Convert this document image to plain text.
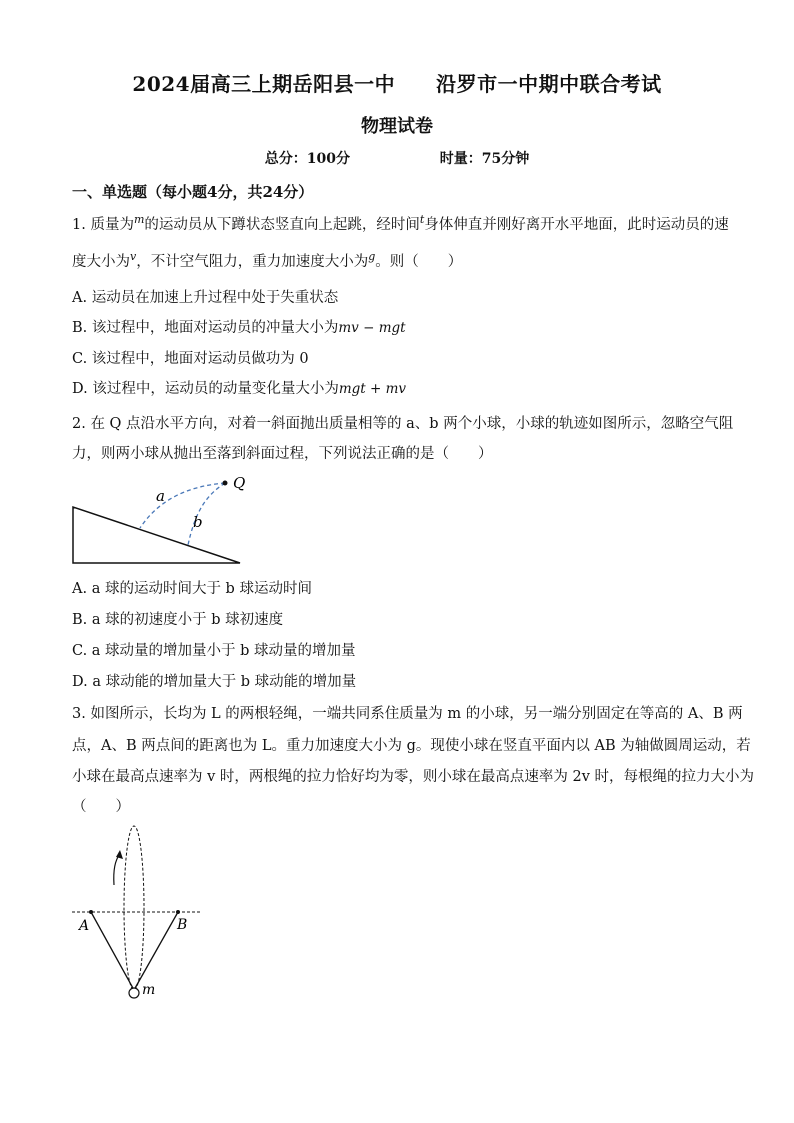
2024届高三上期岳阳县一中　　沿罗市一中期中联合考试
物理试卷
总分：100分	时量：75分钟
一、单选题（每小题4分，共24分）
1. 质量为$^m$的运动员从下蹲状态竖直向上起跳，经时间$^t$身体伸直并刚好离开水平地面，此时运动员的速
度大小为$^v$，不计空气阻力，重力加速度大小为$^g$。则（　　）
A. 运动员在加速上升过程中处于失重状态
B. 该过程中，地面对运动员的冲量大小为mv − mgt
C. 该过程中，地面对运动员做功为 0
D. 该过程中，运动员的动量变化量大小为mgt + mv
2. 在 Q 点沿水平方向，对着一斜面抛出质量相等的 a、b 两个小球，小球的轨迹如图所示，忽略空气阻
力，则两小球从抛出至落到斜面过程，下列说法正确的是（　　）
Q
a
b
A. a 球的运动时间大于 b 球运动时间
B. a 球的初速度小于 b 球初速度
C. a 球动量的增加量小于 b 球动量的增加量
D. a 球动能的增加量大于 b 球动能的增加量
3. 如图所示，长均为 L 的两根轻绳，一端共同系住质量为 m 的小球，另一端分别固定在等高的 A、B 两
点，A、B 两点间的距离也为 L。重力加速度大小为 g。现使小球在竖直平面内以 AB 为轴做圆周运动，若
小球在最高点速率为 v 时，两根绳的拉力恰好均为零，则小球在最高点速率为 2v 时，每根绳的拉力大小为
（　　）
A	B
m
